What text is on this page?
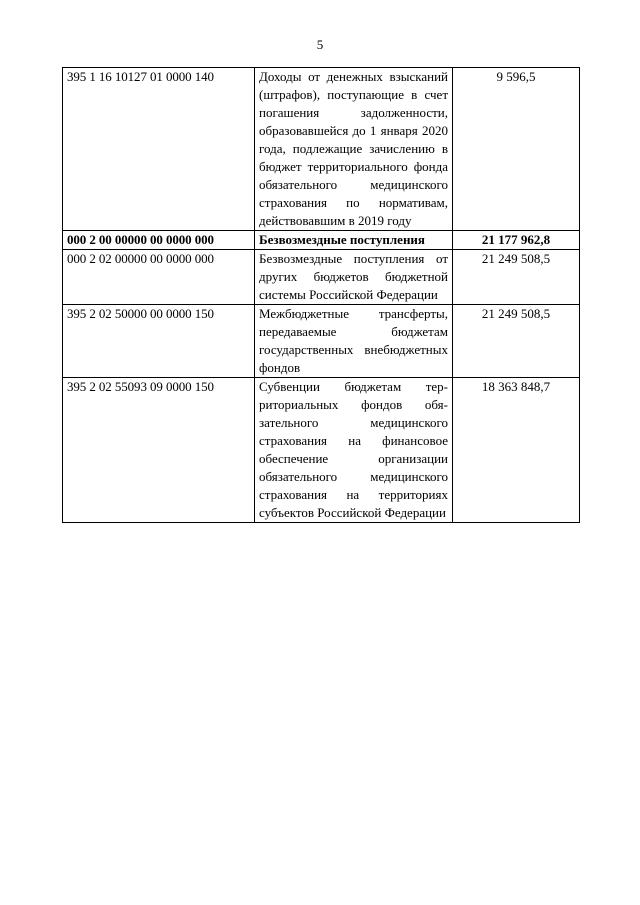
5
395 1 16 10127 01 0000 140	Доходы от денежных взысканий (штрафов), поступающие в счет погашения задолженности, образовавшейся до 1 января 2020 года, подлежащие зачислению в бюджет территориального фонда обязательного медицинского страхования по нормативам, действовавшим в 2019 году	9 596,5
000 2 00 00000 00 0000 000	Безвозмездные поступления	21 177 962,8
000 2 02 00000 00 0000 000	Безвозмездные поступления от других бюджетов бюджетной системы Российской Федерации	21 249 508,5
395 2 02 50000 00 0000 150	Межбюджетные трансферты, передаваемые бюджетам государственных внебюджетных фондов	21 249 508,5
395 2 02 55093 09 0000 150	Субвенции бюджетам территориальных фондов обязательного медицинского страхования на финансовое обеспечение организации обязательного медицинского страхования на территориях субъектов Российской Федерации	18 363 848,7
